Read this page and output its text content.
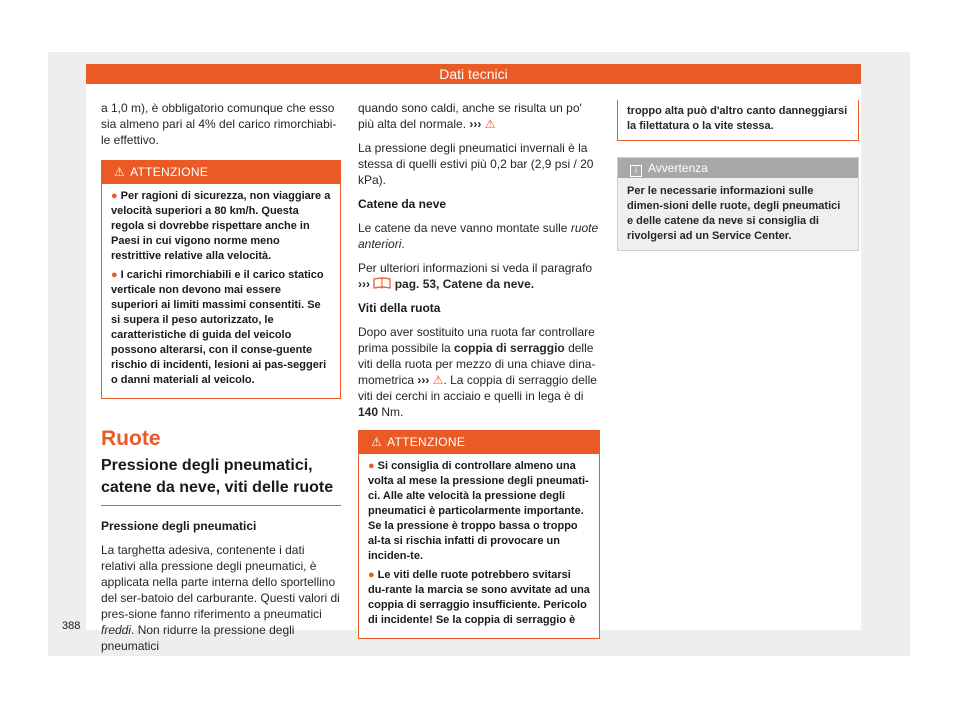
Dati tecnici

a 1,0 m), è obbligatorio comunque che esso sia almeno pari al 4% del carico rimorchiabi-le effettivo.

⚠ ATTENZIONE

● Per ragioni di sicurezza, non viaggiare a velocità superiori a 80 km/h. Questa regola si dovrebbe rispettare anche in Paesi in cui vigono norme meno restrittive relative alla velocità.

● I carichi rimorchiabili e il carico statico verticale non devono mai essere superiori ai limiti massimi consentiti. Se si supera il peso autorizzato, le caratteristiche di guida del veicolo possono alterarsi, con il conse-guente rischio di incidenti, lesioni ai pas-seggeri o danni materiali al veicolo.

Ruote
Pressione degli pneumatici, catene da neve, viti delle ruote

Pressione degli pneumatici

La targhetta adesiva, contenente i dati relativi alla pressione degli pneumatici, è applicata nella parte interna dello sportellino del ser-batoio del carburante. Questi valori di pres-sione fanno riferimento a pneumatici freddi. Non ridurre la pressione degli pneumatici

quando sono caldi, anche se risulta un po' più alta del normale. ››› ⚠

La pressione degli pneumatici invernali è la stessa di quelli estivi più 0,2 bar (2,9 psi / 20 kPa).

Catene da neve

Le catene da neve vanno montate sulle ruote anteriori.

Per ulteriori informazioni si veda il paragrafo
››› pag. 53, Catene da neve.

Viti della ruota

Dopo aver sostituito una ruota far controllare prima possibile la coppia di serraggio delle viti della ruota per mezzo di una chiave dina-mometrica ››› ⚠. La coppia di serraggio delle viti dei cerchi in acciaio e quelli in lega è di 140 Nm.

⚠ ATTENZIONE

● Si consiglia di controllare almeno una volta al mese la pressione degli pneumati-ci. Alle alte velocità la pressione degli pneumatici è particolarmente importante. Se la pressione è troppo bassa o troppo al-ta si rischia infatti di provocare un inciden-te.

● Le viti delle ruote potrebbero svitarsi du-rante la marcia se sono avvitate ad una coppia di serraggio insufficiente. Pericolo di incidente! Se la coppia di serraggio è

troppo alta può d'altro canto danneggiarsi la filettatura o la vite stessa.
i Avvertenza
Per le necessarie informazioni sulle dimen-sioni delle ruote, degli pneumatici e delle catene da neve si consiglia di rivolgersi ad un Service Center.
388
